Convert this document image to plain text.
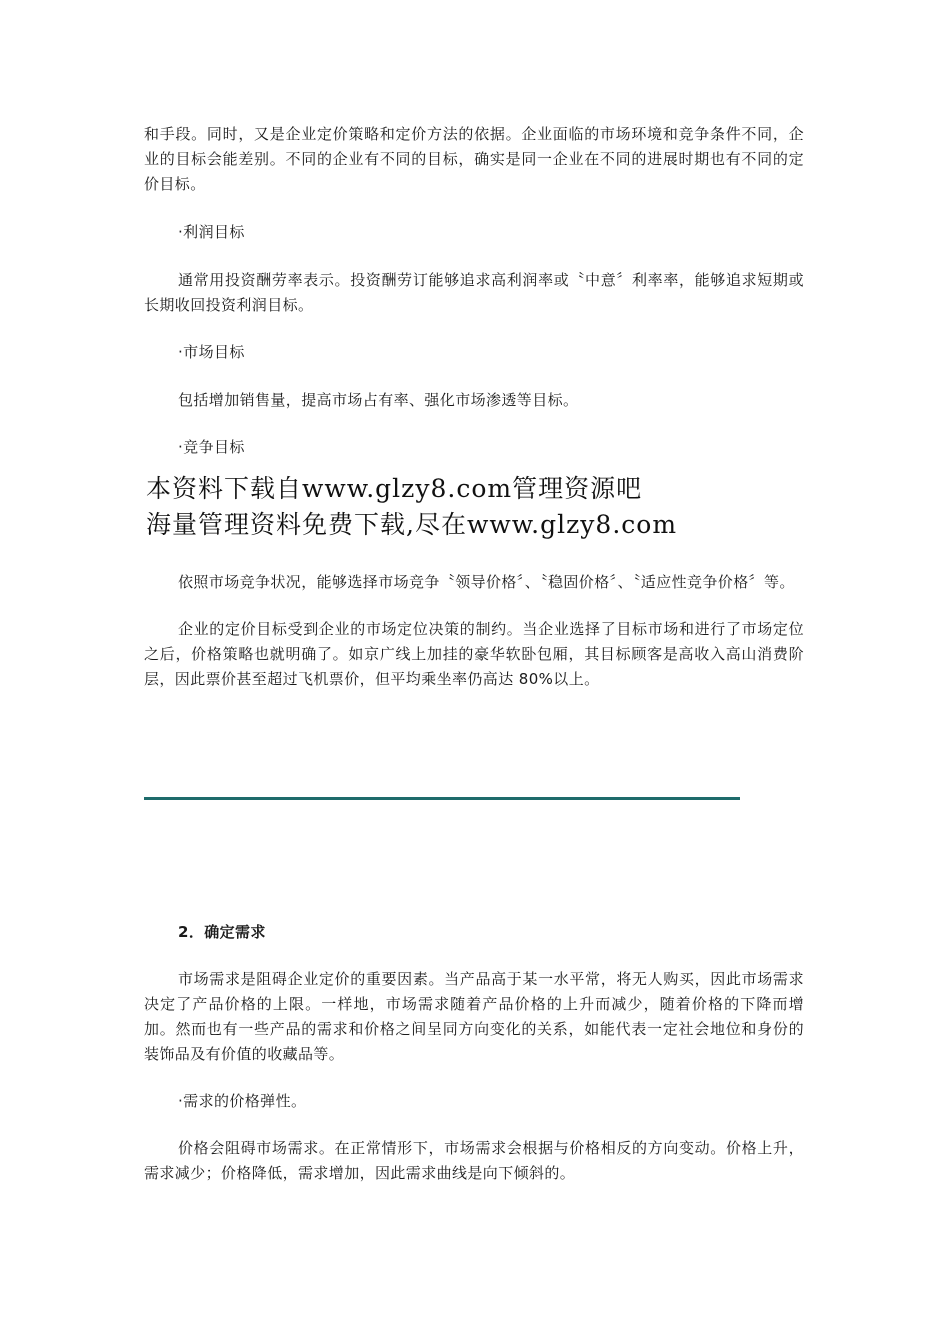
和手段。同时，又是企业定价策略和定价方法的依据。企业面临的市场环境和竞争条件不同，企业的目标会能差别。不同的企业有不同的目标，确实是同一企业在不同的进展时期也有不同的定价目标。

·利润目标

通常用投资酬劳率表示。投资酬劳订能够追求高利润率或〝中意〞利率率，能够追求短期或长期收回投资利润目标。

·市场目标

包括增加销售量，提高市场占有率、强化市场渗透等目标。

·竞争目标

本资料下载自www.glzy8.com管理资源吧

海量管理资料免费下载,尽在www.glzy8.com

依照市场竞争状况，能够选择市场竞争〝领导价格〞、〝稳固价格〞、〝适应性竞争价格〞等。

企业的定价目标受到企业的市场定位决策的制约。当企业选择了目标市场和进行了市场定位之后，价格策略也就明确了。如京广线上加挂的豪华软卧包厢，其目标顾客是高收入高山消费阶层，因此票价甚至超过飞机票价，但平均乘坐率仍高达 80%以上。

2．确定需求

市场需求是阻碍企业定价的重要因素。当产品高于某一水平常，将无人购买，因此市场需求决定了产品价格的上限。一样地，市场需求随着产品价格的上升而减少，随着价格的下降而增加。然而也有一些产品的需求和价格之间呈同方向变化的关系，如能代表一定社会地位和身份的装饰品及有价值的收藏品等。

·需求的价格弹性。

价格会阻碍市场需求。在正常情形下，市场需求会根据与价格相反的方向变动。价格上升，需求减少；价格降低，需求增加，因此需求曲线是向下倾斜的。
